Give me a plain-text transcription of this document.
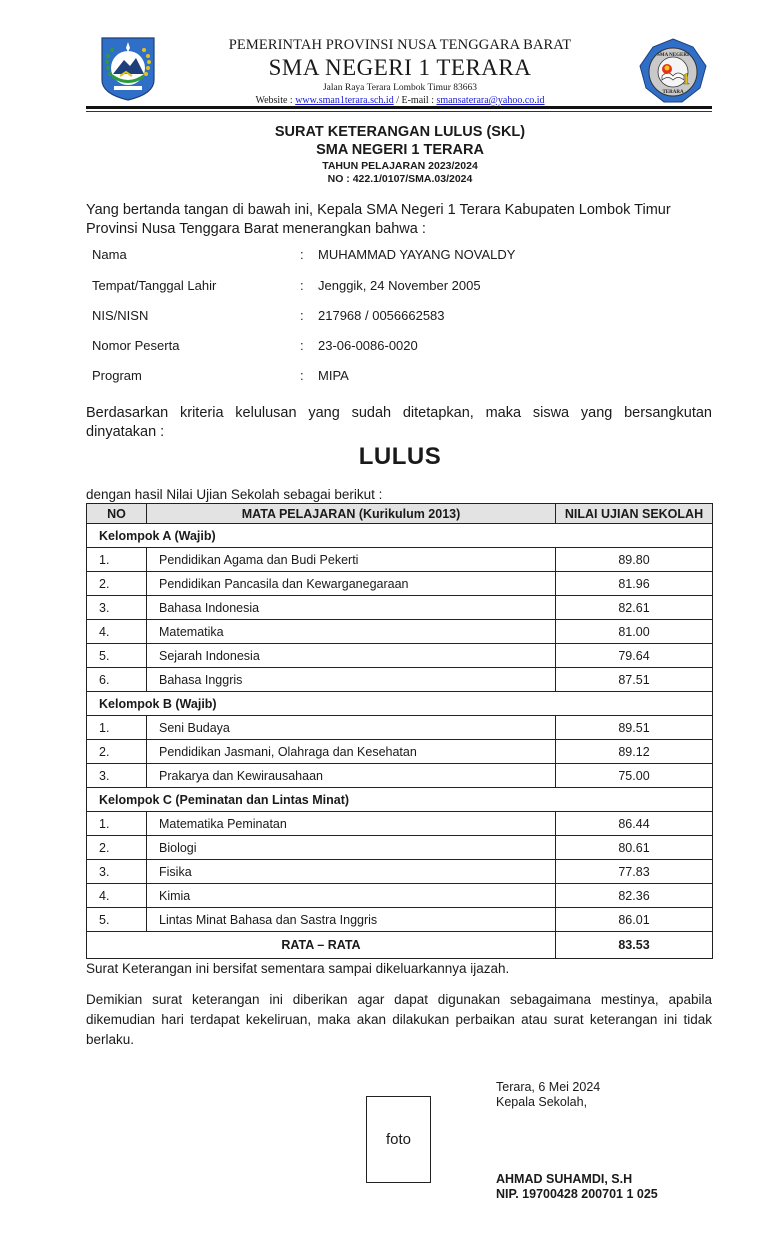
PEMERINTAH PROVINSI NUSA TENGGARA BARAT
SMA NEGERI 1 TERARA
Jalan Raya Terara Lombok Timur 83663
Website : www.sman1terara.sch.id / E-mail : smansaterara@yahoo.co.id
1
SMA NEGERI
TERARA
SURAT KETERANGAN LULUS (SKL)
SMA NEGERI 1 TERARA
TAHUN PELAJARAN 2023/2024
NO : 422.1/0107/SMA.03/2024
Yang bertanda tangan di bawah ini, Kepala SMA Negeri 1 Terara Kabupaten Lombok Timur Provinsi Nusa Tenggara Barat menerangkan bahwa :
Nama	: MUHAMMAD YAYANG NOVALDY
Tempat/Tanggal Lahir	: Jenggik, 24 November 2005
NIS/NISN	: 217968 / 0056662583
Nomor Peserta	: 23-06-0086-0020
Program	: MIPA
Berdasarkan kriteria kelulusan yang sudah ditetapkan, maka siswa yang bersangkutan dinyatakan :
LULUS
dengan hasil Nilai Ujian Sekolah sebagai berikut :
NO	MATA PELAJARAN (Kurikulum 2013)	NILAI UJIAN SEKOLAH
Kelompok A (Wajib)		
1.	Pendidikan Agama dan Budi Pekerti	89.80
2.	Pendidikan Pancasila dan Kewarganegaraan	81.96
3.	Bahasa Indonesia	82.61
4.	Matematika	81.00
5.	Sejarah Indonesia	79.64
6.	Bahasa Inggris	87.51
Kelompok B (Wajib)		
1.	Seni Budaya	89.51
2.	Pendidikan Jasmani, Olahraga dan Kesehatan	89.12
3.	Prakarya dan Kewirausahaan	75.00
Kelompok C (Peminatan dan Lintas Minat)		
1.	Matematika Peminatan	86.44
2.	Biologi	80.61
3.	Fisika	77.83
4.	Kimia	82.36
5.	Lintas Minat Bahasa dan Sastra Inggris	86.01
RATA – RATA		83.53
Surat Keterangan ini bersifat sementara sampai dikeluarkannya ijazah.
Demikian surat keterangan ini diberikan agar dapat digunakan sebagaimana mestinya, apabila dikemudian hari terdapat kekeliruan, maka akan dilakukan perbaikan atau surat keterangan ini tidak berlaku.
foto
Terara, 6 Mei 2024
Kepala Sekolah,
AHMAD SUHAMDI, S.H
NIP. 19700428 200701 1 025
